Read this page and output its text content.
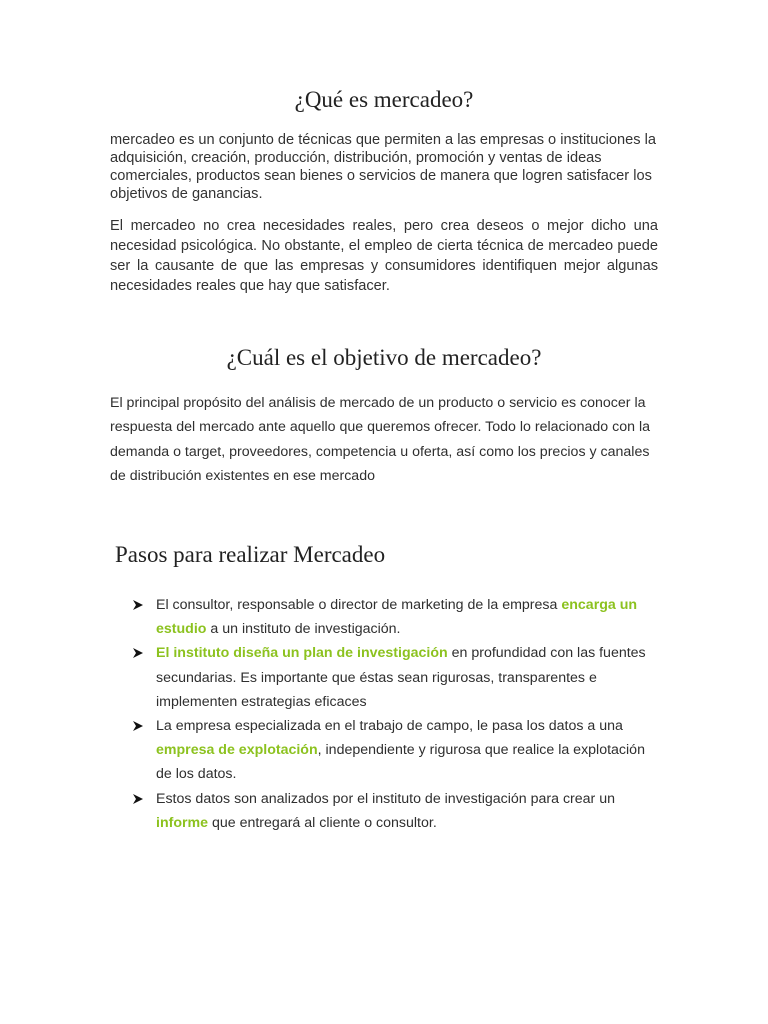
¿Qué es mercadeo?

mercadeo es un conjunto de técnicas que permiten a las empresas o instituciones la adquisición, creación, producción, distribución, promoción y ventas de ideas comerciales, productos sean bienes o servicios de manera que logren satisfacer los objetivos de ganancias.

El mercadeo no crea necesidades reales, pero crea deseos o mejor dicho una necesidad psicológica. No obstante, el empleo de cierta técnica de mercadeo puede ser la causante de que las empresas y consumidores identifiquen mejor algunas necesidades reales que hay que satisfacer.

¿Cuál es el objetivo de mercadeo?

El principal propósito del análisis de mercado de un producto o servicio es conocer la respuesta del mercado ante aquello que queremos ofrecer. Todo lo relacionado con la demanda o target, proveedores, competencia u oferta, así como los precios y canales de distribución existentes en ese mercado

Pasos para realizar Mercadeo
El consultor, responsable o director de marketing de la empresa encarga un estudio a un instituto de investigación.
El instituto diseña un plan de investigación en profundidad con las fuentes secundarias. Es importante que éstas sean rigurosas, transparentes e implementen estrategias eficaces
La empresa especializada en el trabajo de campo, le pasa los datos a una empresa de explotación, independiente y rigurosa que realice la explotación de los datos.
Estos datos son analizados por el instituto de investigación para crear un informe que entregará al cliente o consultor.
